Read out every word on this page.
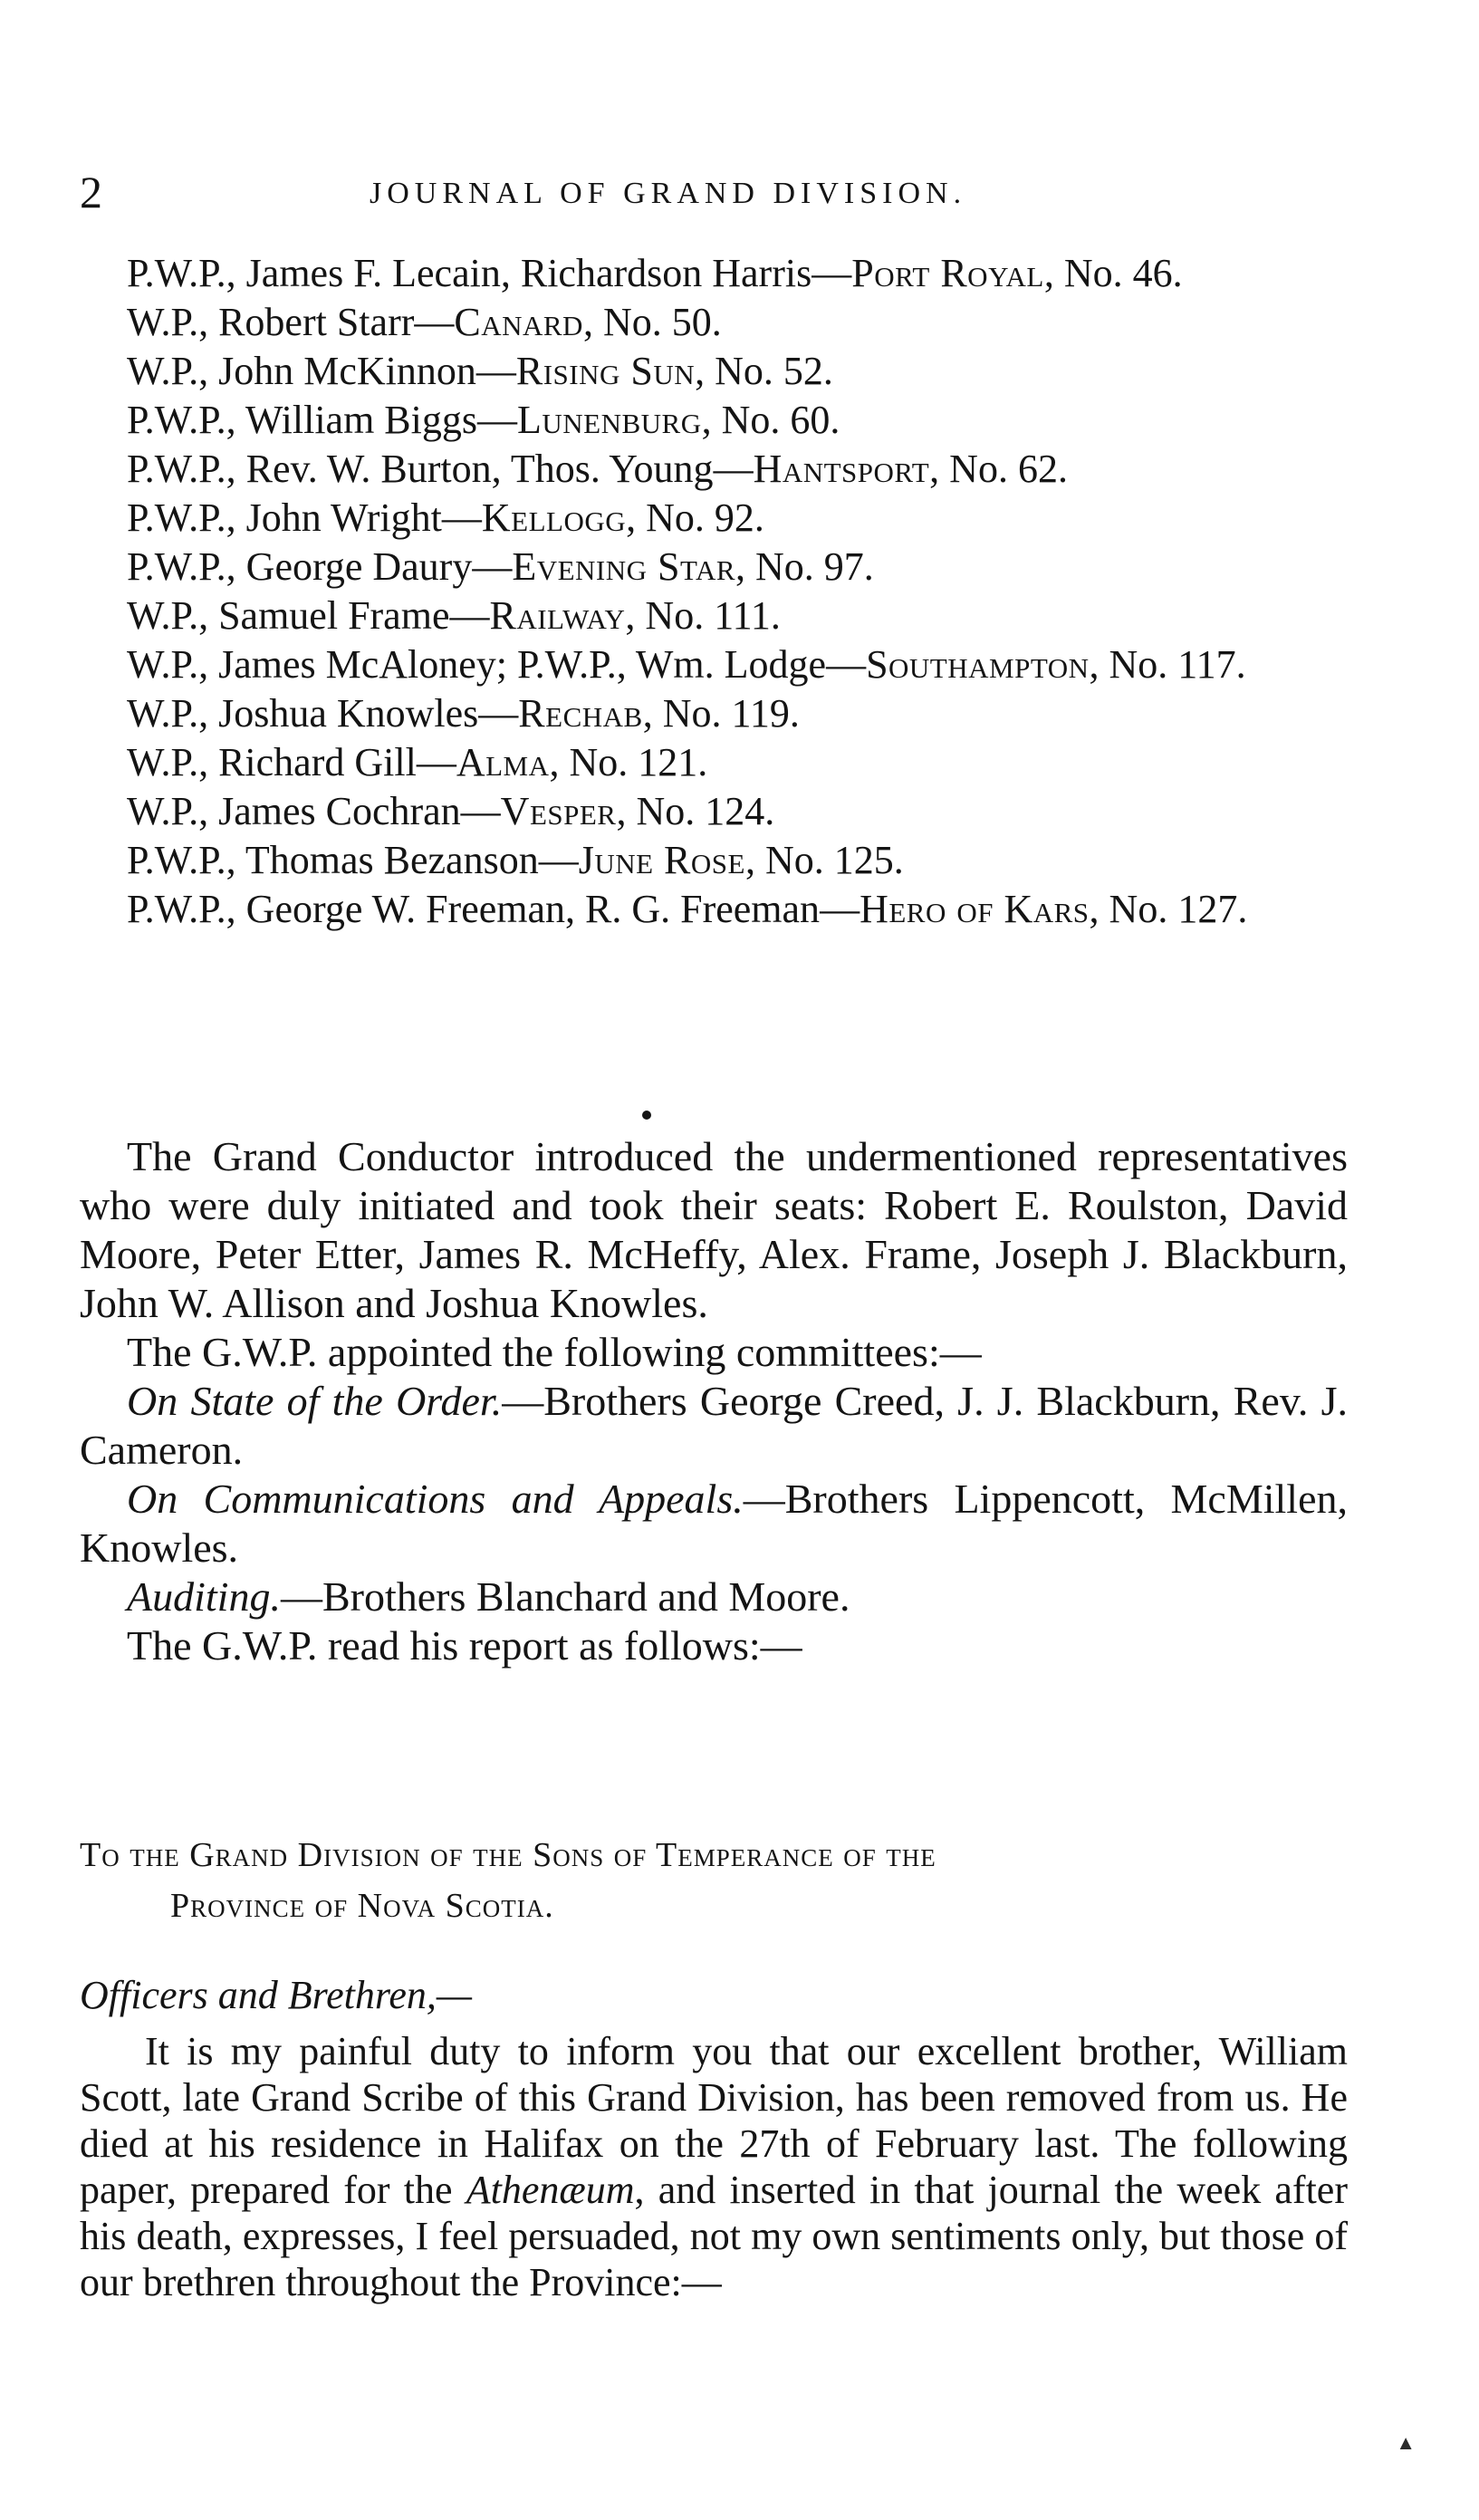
2	JOURNAL OF GRAND DIVISION.

P.W.P., James F. Lecain, Richardson Harris—Port Royal, No. 46.

W.P., Robert Starr—Canard, No. 50.

W.P., John McKinnon—Rising Sun, No. 52.

P.W.P., William Biggs—Lunenburg, No. 60.

P.W.P., Rev. W. Burton, Thos. Young—Hantsport, No. 62.

P.W.P., John Wright—Kellogg, No. 92.

P.W.P., George Daury—Evening Star, No. 97.

W.P., Samuel Frame—Railway, No. 111.

W.P., James McAloney; P.W.P., Wm. Lodge—Southampton, No. 117.

W.P., Joshua Knowles—Rechab, No. 119.

W.P., Richard Gill—Alma, No. 121.

W.P., James Cochran—Vesper, No. 124.

P.W.P., Thomas Bezanson—June Rose, No. 125.

P.W.P., George W. Freeman, R. G. Freeman—Hero of Kars, No. 127.

The Grand Conductor introduced the undermentioned representatives who were duly initiated and took their seats: Robert E. Roulston, David Moore, Peter Etter, James R. McHeffy, Alex. Frame, Joseph J. Blackburn, John W. Allison and Joshua Knowles.

The G.W.P. appointed the following committees:—

On State of the Order.—Brothers George Creed, J. J. Blackburn, Rev. J. Cameron.

On Communications and Appeals.—Brothers Lippencott, McMillen, Knowles.

Auditing.—Brothers Blanchard and Moore.

The G.W.P. read his report as follows:—

To the Grand Division of the Sons of Temperance of the

Province of Nova Scotia.

Officers and Brethren,—

It is my painful duty to inform you that our excellent brother, William Scott, late Grand Scribe of this Grand Division, has been removed from us. He died at his residence in Halifax on the 27th of February last. The following paper, prepared for the Athenæum, and inserted in that journal the week after his death, expresses, I feel persuaded, not my own sentiments only, but those of our brethren throughout the Province:—

▲
